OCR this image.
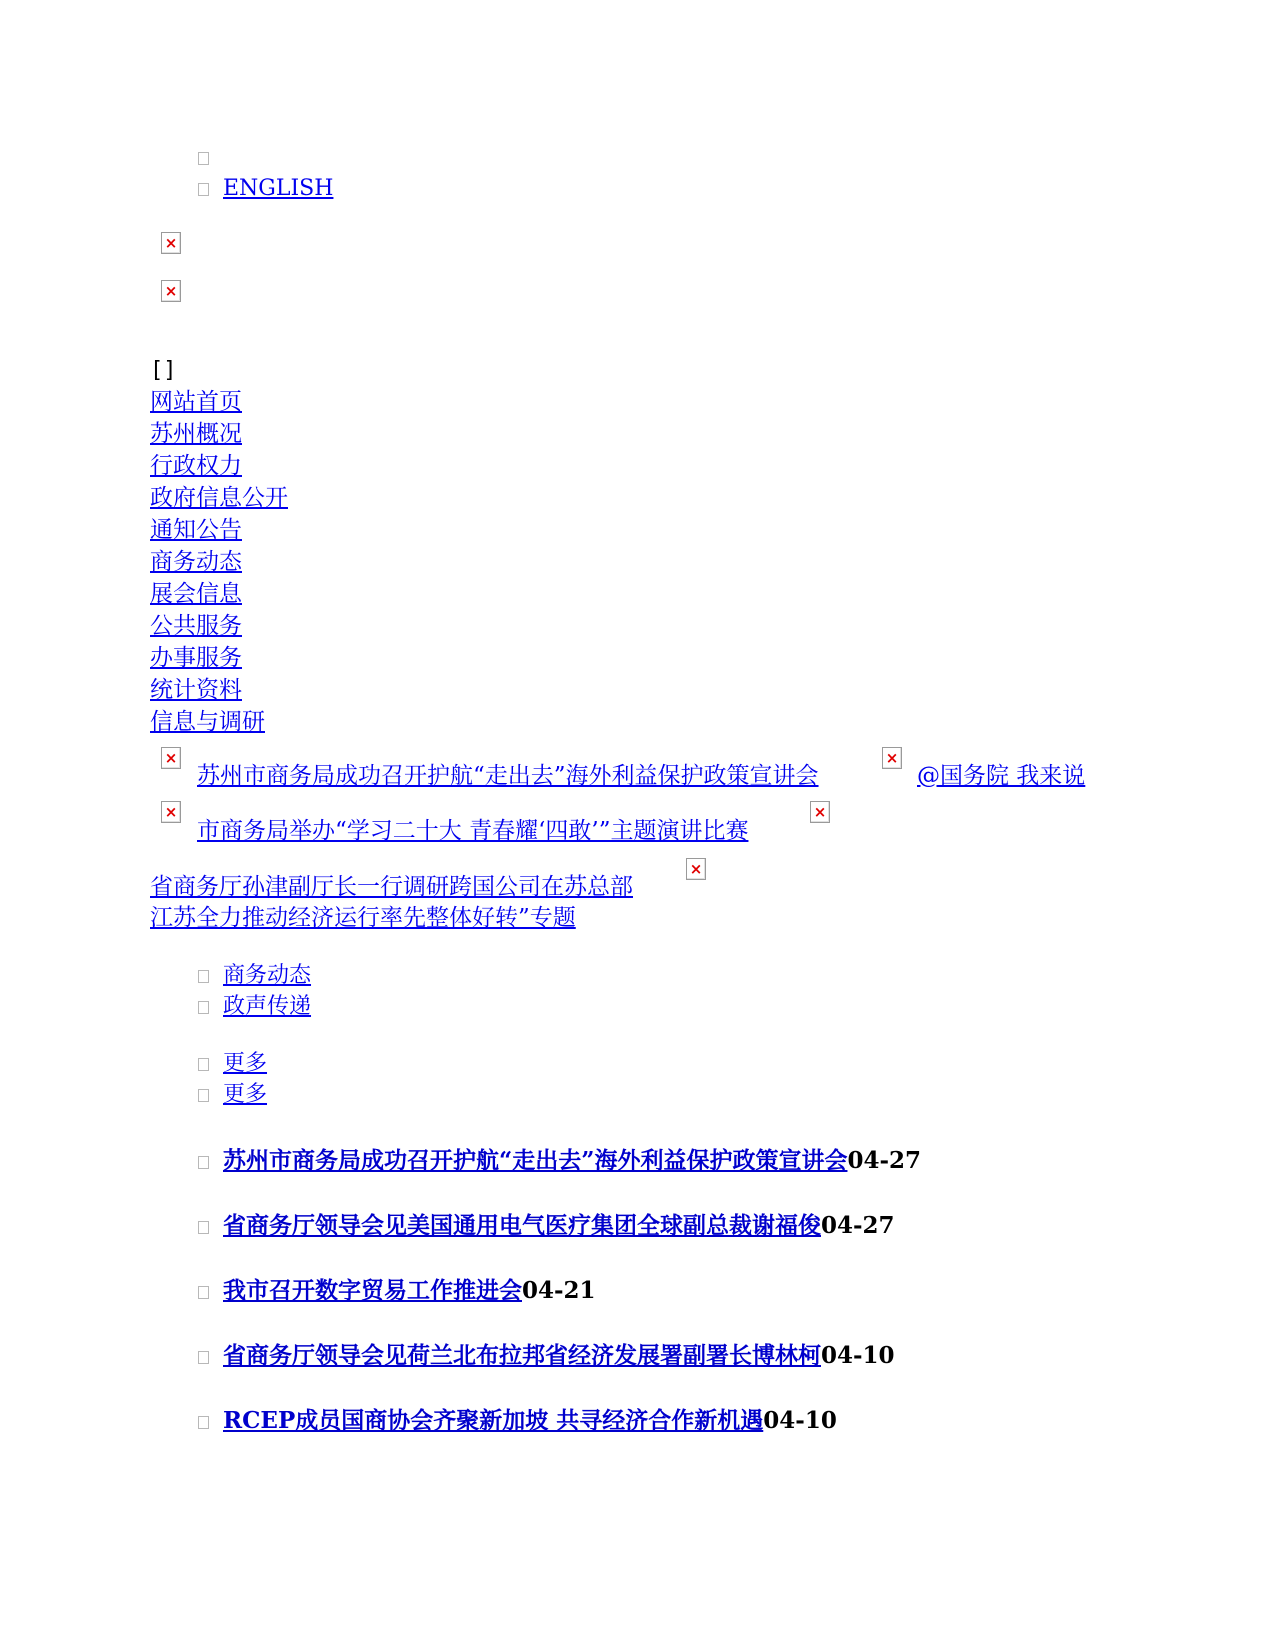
ENGLISH
×
×
[]
网站首页
苏州概况
行政权力
政府信息公开
通知公告
商务动态
展会信息
公共服务
办事服务
统计资料
信息与调研
×
苏州市商务局成功召开护航“走出去”海外利益保护政策宣讲会
×	@国务院 我来说
×
市商务局举办“学习二十大 青春耀‘四敢’”主题演讲比赛
×
省商务厅孙津副厅长一行调研跨国公司在苏总部
×
江苏全力推动经济运行率先整体好转”专题
商务动态
政声传递
更多
更多
苏州市商务局成功召开护航“走出去”海外利益保护政策宣讲会04-27
省商务厅领导会见美国通用电气医疗集团全球副总裁谢福俊04-27
我市召开数字贸易工作推进会04-21
省商务厅领导会见荷兰北布拉邦省经济发展署副署长博林柯04-10
RCEP成员国商协会齐聚新加坡 共寻经济合作新机遇04-10
